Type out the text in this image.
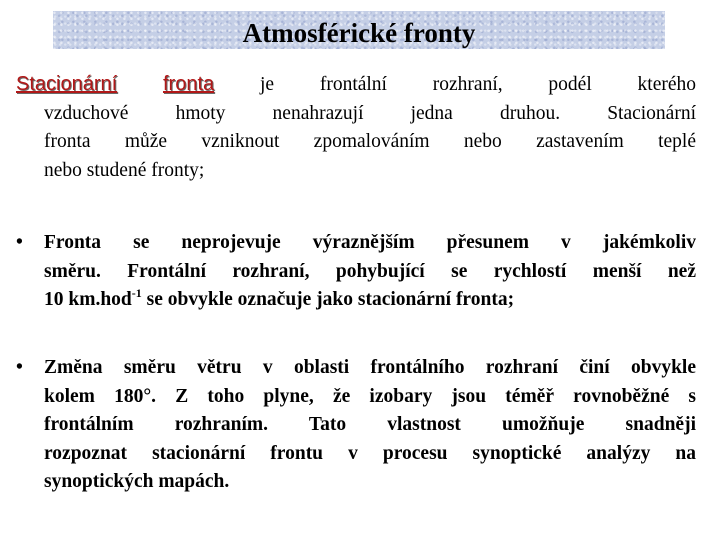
Atmosférické fronty
Stacionární fronta je frontální rozhraní, podél kterého
vzduchové hmoty nenahrazují jedna druhou. Stacionární
fronta může vzniknout zpomalováním nebo zastavením teplé
nebo studené fronty;
•	Fronta se neprojevuje výraznějším přesunem v jakémkoliv
směru. Frontální rozhraní, pohybující se rychlostí menší než
10 km.hod$^{-1}$ se obvykle označuje jako stacionární fronta;
•	Změna směru větru v oblasti frontálního rozhraní činí obvykle
kolem 180°. Z toho plyne, že izobary jsou téměř rovnoběžné s
frontálním rozhraním. Tato vlastnost umožňuje snadněji
rozpoznat stacionární frontu v procesu synoptické analýzy na
synoptických mapách.
